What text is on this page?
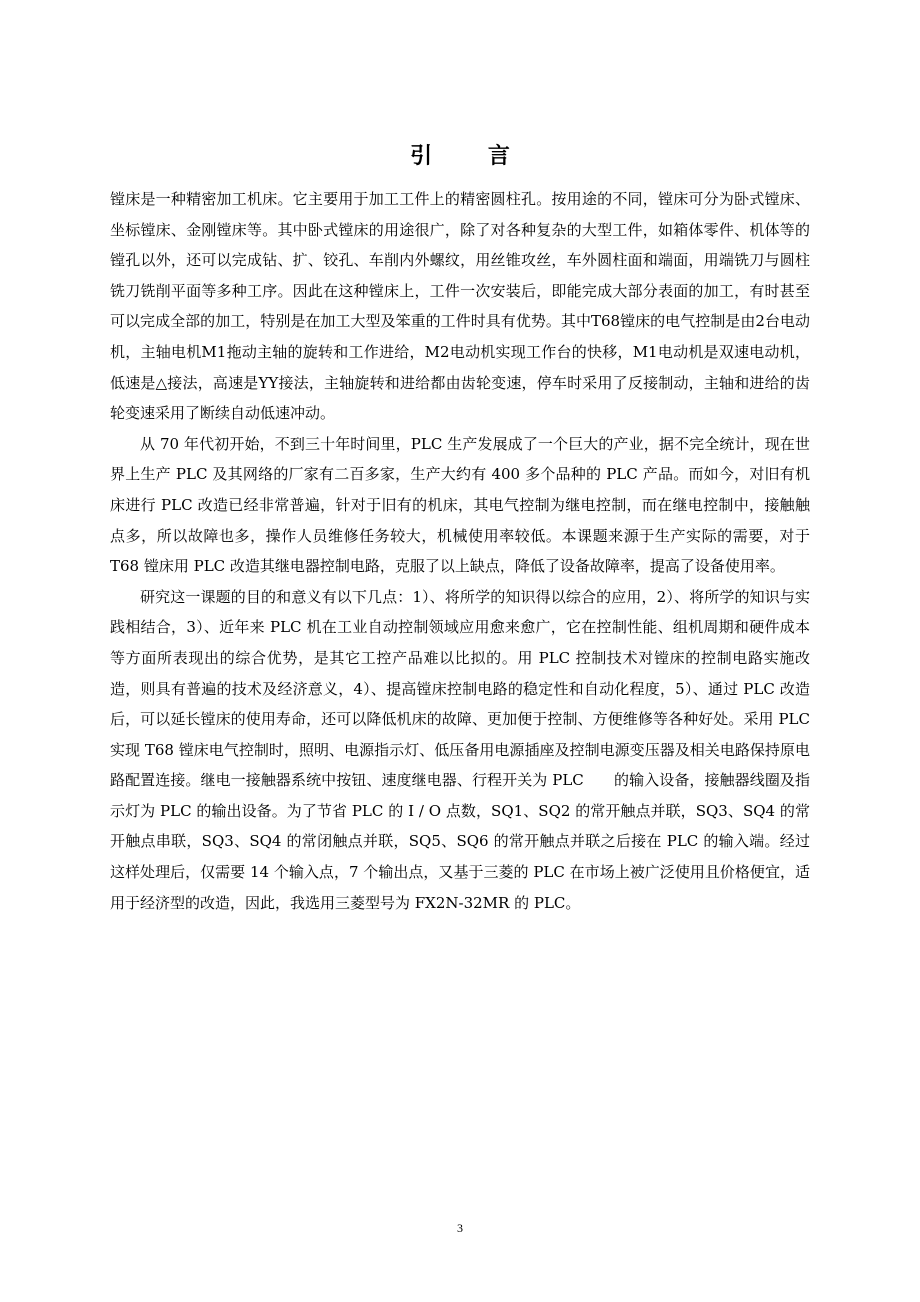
引 言

镗床是一种精密加工机床。它主要用于加工工件上的精密圆柱孔。按用途的不同，镗床可分为卧式镗床、坐标镗床、金刚镗床等。其中卧式镗床的用途很广，除了对各种复杂的大型工件，如箱体零件、机体等的镗孔以外，还可以完成钻、扩、铰孔、车削内外螺纹，用丝锥攻丝，车外圆柱面和端面，用端铣刀与圆柱铣刀铣削平面等多种工序。因此在这种镗床上，工件一次安装后，即能完成大部分表面的加工，有时甚至可以完成全部的加工，特别是在加工大型及笨重的工件时具有优势。其中T68镗床的电气控制是由2台电动机，主轴电机M1拖动主轴的旋转和工作进给，M2电动机实现工作台的快移，M1电动机是双速电动机，低速是△接法，高速是YY接法，主轴旋转和进给都由齿轮变速，停车时采用了反接制动，主轴和进给的齿轮变速采用了断续自动低速冲动。

从 70 年代初开始，不到三十年时间里，PLC 生产发展成了一个巨大的产业，据不完全统计，现在世界上生产 PLC 及其网络的厂家有二百多家，生产大约有 400 多个品种的 PLC 产品。而如今，对旧有机床进行 PLC 改造已经非常普遍，针对于旧有的机床，其电气控制为继电控制，而在继电控制中，接触触点多，所以故障也多，操作人员维修任务较大，机械使用率较低。本课题来源于生产实际的需要，对于 T68 镗床用 PLC 改造其继电器控制电路，克服了以上缺点，降低了设备故障率，提高了设备使用率。

研究这一课题的目的和意义有以下几点：1）、将所学的知识得以综合的应用，2）、将所学的知识与实践相结合，3）、近年来 PLC 机在工业自动控制领域应用愈来愈广，它在控制性能、组机周期和硬件成本等方面所表现出的综合优势，是其它工控产品难以比拟的。用 PLC 控制技术对镗床的控制电路实施改造，则具有普遍的技术及经济意义，4）、提高镗床控制电路的稳定性和自动化程度，5）、通过 PLC 改造后，可以延长镗床的使用寿命，还可以降低机床的故障、更加便于控制、方便维修等各种好处。采用 PLC 实现 T68 镗床电气控制时，照明、电源指示灯、低压备用电源插座及控制电源变压器及相关电路保持原电路配置连接。继电一接触器系统中按钮、速度继电器、行程开关为 PLC　　的输入设备，接触器线圈及指示灯为 PLC 的输出设备。为了节省 PLC 的 I / O 点数，SQ1、SQ2 的常开触点并联，SQ3、SQ4 的常开触点串联，SQ3、SQ4 的常闭触点并联，SQ5、SQ6 的常开触点并联之后接在 PLC 的输入端。经过这样处理后，仅需要 14 个输入点，7 个输出点，又基于三菱的 PLC 在市场上被广泛使用且价格便宜，适用于经济型的改造，因此，我选用三菱型号为 FX2N-32MR 的 PLC。

3
